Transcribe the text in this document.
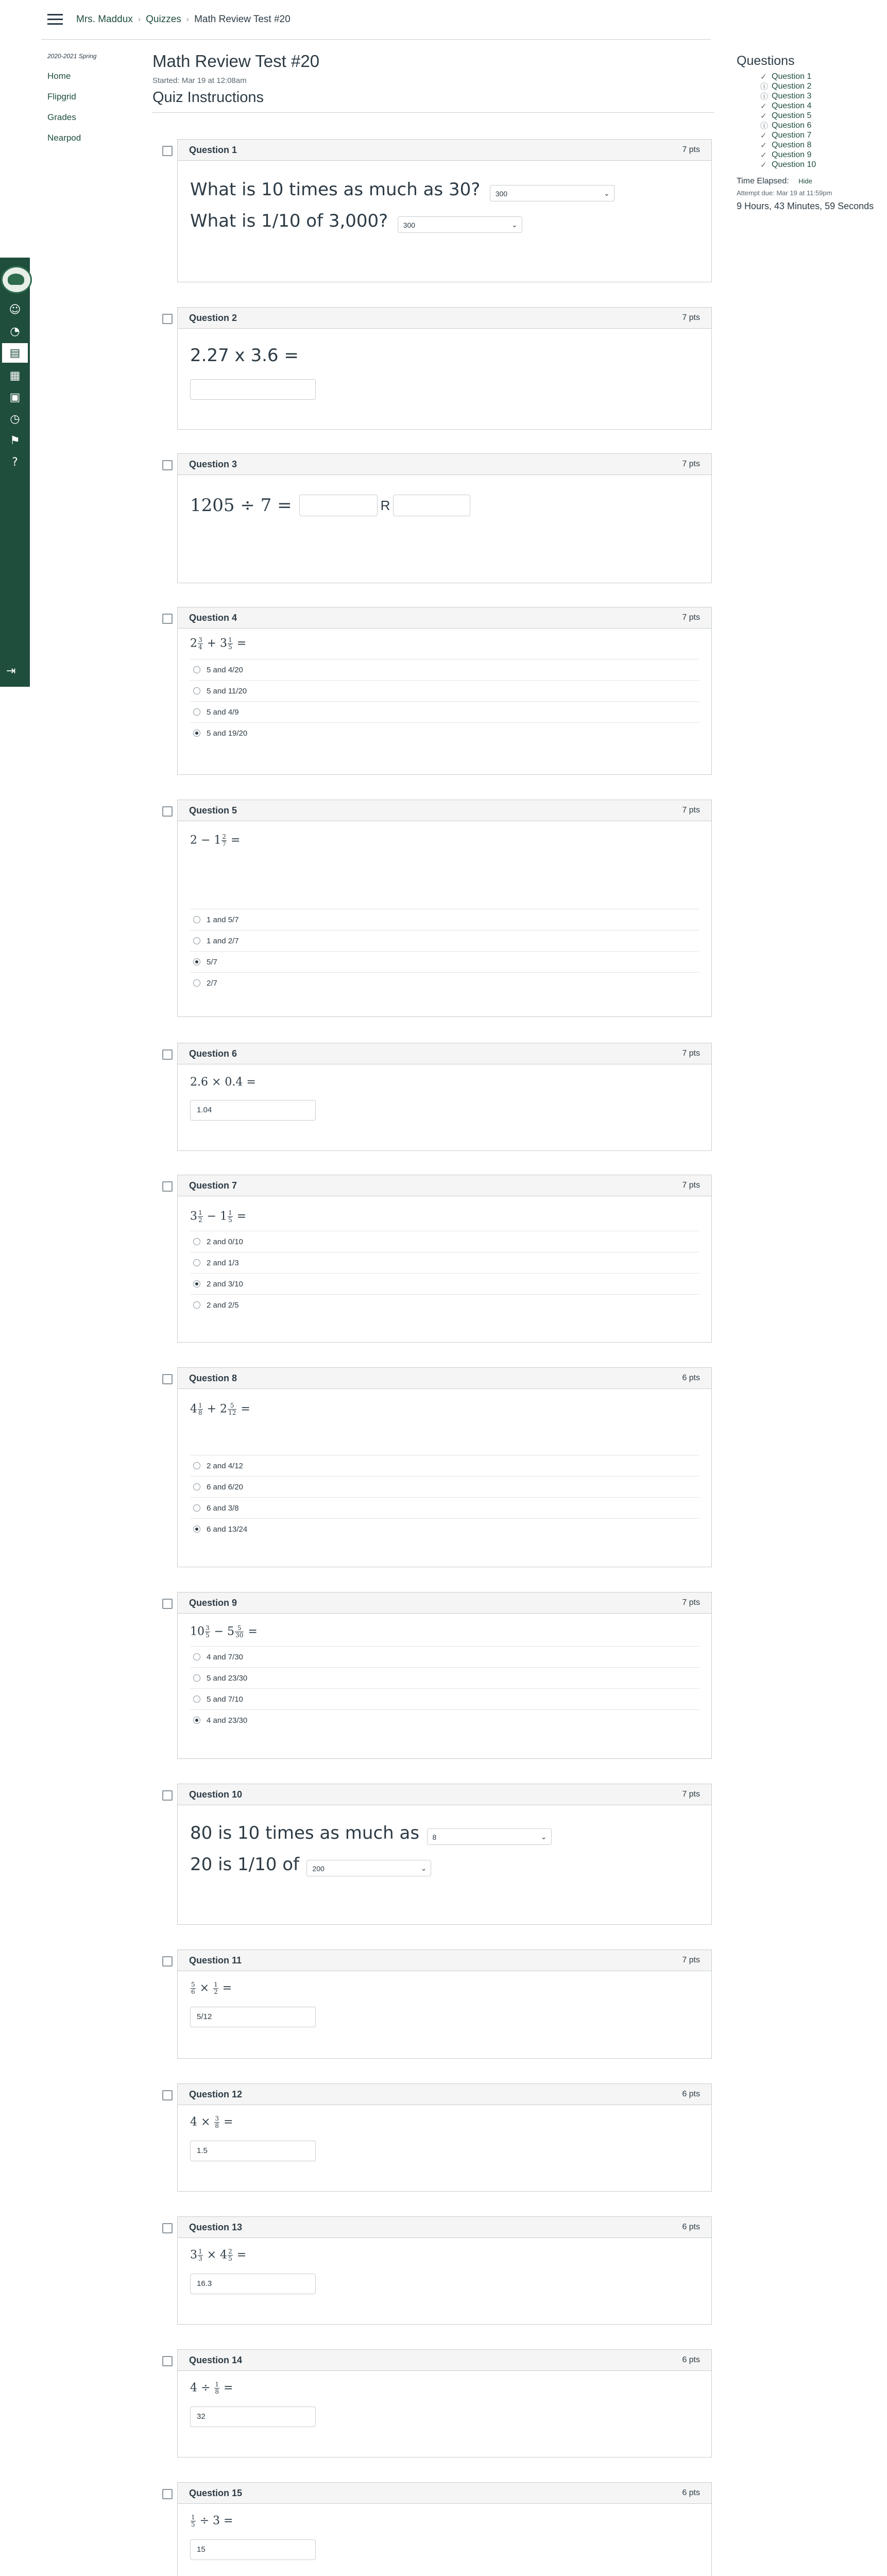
☺
◔
▤
▦
▣
◷
⚑
?
⇥
Mrs. Maddux › Quizzes › Math Review Test #20
2020-2021 Spring
Home
Flipgrid
Grades
Nearpod
Math Review Test #20
Started: Mar 19 at 12:08am
Quiz Instructions
Question 1	7 pts
What is 10 times as much as 30? 300	⌄
What is 1/10 of 3,000? 300	⌄
Question 2	7 pts
2.27 x 3.6 =
Question 3	7 pts
1205 ÷ 7 =	R
Question 4	7 pts
$2 \frac{3}{4} + 3 \frac{1}{5}$ =
5 and 4/20
5 and 11/20
5 and 4/9
5 and 19/20
Question 5	7 pts
$2 - 1 \frac{2}{7}$ =
1 and 5/7
1 and 2/7
5/7
2/7
Question 6	7 pts
2.6 × 0.4 =
1.04
Question 7	7 pts
$3 \frac{1}{2} - 1 \frac{1}{5}$ =
2 and 0/10
2 and 1/3
2 and 3/10
2 and 2/5
Question 8	6 pts
$4 \frac{1}{8} + 2 \frac{5}{12}$ =
2 and 4/12
6 and 6/20
6 and 3/8
6 and 13/24
Question 9	7 pts
$10 \frac{3}{5} - 5 \frac{5}{30}$ =
4 and 7/30
5 and 23/30
5 and 7/10
4 and 23/30
Question 10	7 pts
80 is 10 times as much as 8	⌄
20 is 1/10 of 200	⌄
Question 11	7 pts
$\frac{5}{6} \times \frac{1}{2}$ =
5/12
Question 12	6 pts
$4 \times \frac{3}{8}$ =
1.5
Question 13	6 pts
$3 \frac{1}{3} \times 4 \frac{2}{5}$ =
16.3
Question 14	6 pts
$4 \div \frac{1}{8}$ =
32
Question 15	6 pts
$\frac{1}{5} \div 3$ =
15
Questions
✓ Question 1
ⓘ Question 2
ⓘ Question 3
✓ Question 4
✓ Question 5
ⓘ Question 6
✓ Question 7
✓ Question 8
✓ Question 9
✓ Question 10
Time Elapsed: Hide
Attempt due: Mar 19 at 11:59pm
9 Hours, 43 Minutes, 59 Seconds
